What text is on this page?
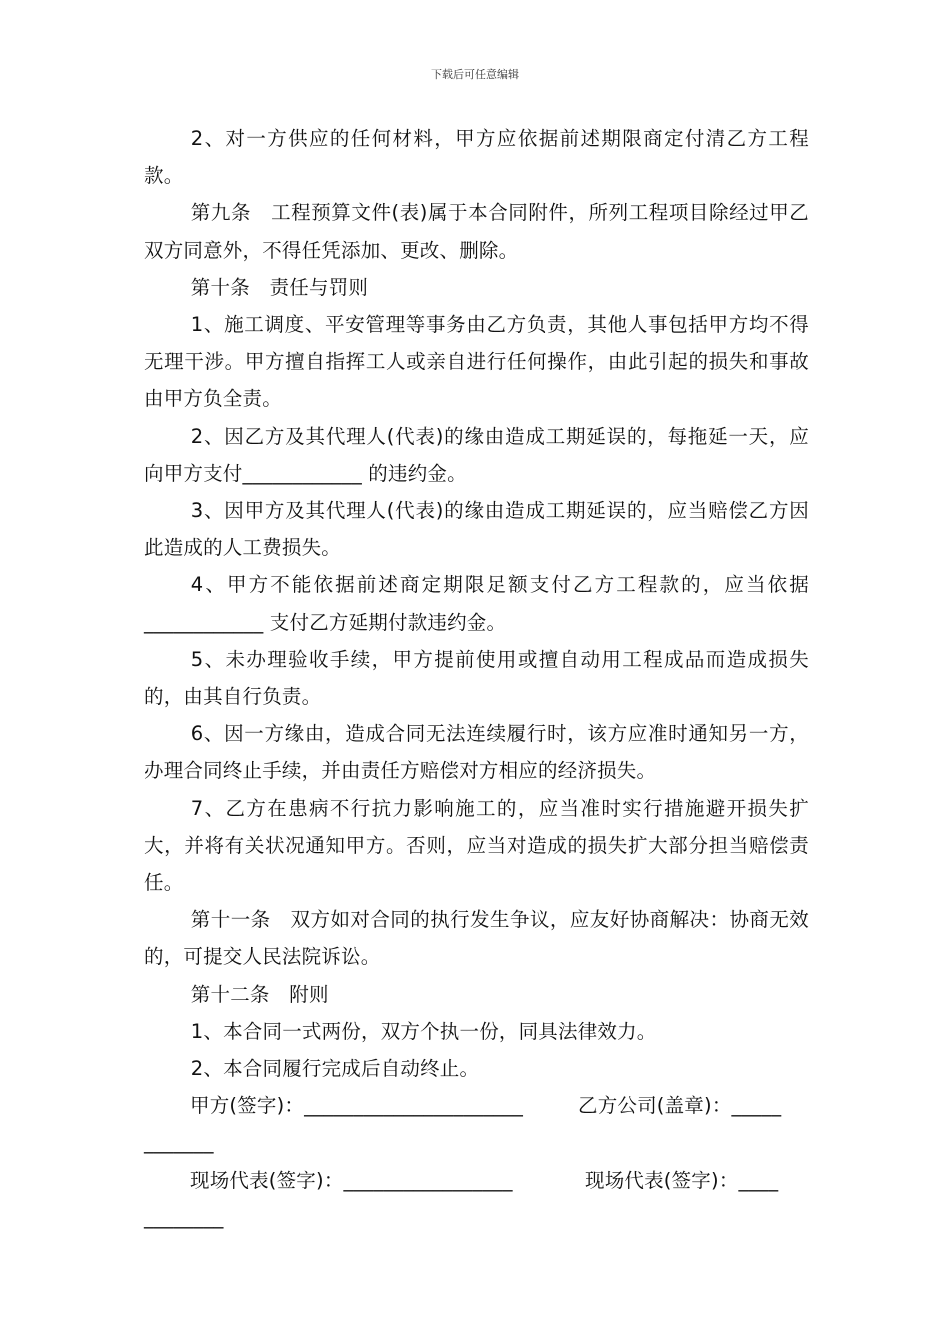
下载后可任意编辑

2、对一方供应的任何材料，甲方应依据前述期限商定付清乙方工程款。

第九条　工程预算文件(表)属于本合同附件，所列工程项目除经过甲乙双方同意外，不得任凭添加、更改、删除。

第十条　责任与罚则

1、施工调度、平安管理等事务由乙方负责，其他人事包括甲方均不得无理干涉。甲方擅自指挥工人或亲自进行任何操作，由此引起的损失和事故由甲方负全责。

2、因乙方及其代理人(代表)的缘由造成工期延误的，每拖延一天，应向甲方支付____________ 的违约金。

3、因甲方及其代理人(代表)的缘由造成工期延误的，应当赔偿乙方因此造成的人工费损失。

4、甲方不能依据前述商定期限足额支付乙方工程款的，应当依据____________ 支付乙方延期付款违约金。

5、未办理验收手续，甲方提前使用或擅自动用工程成品而造成损失的，由其自行负责。

6、因一方缘由，造成合同无法连续履行时，该方应准时通知另一方，办理合同终止手续，并由责任方赔偿对方相应的经济损失。

7、乙方在患病不行抗力影响施工的，应当准时实行措施避开损失扩大，并将有关状况通知甲方。否则，应当对造成的损失扩大部分担当赔偿责任。

第十一条　双方如对合同的执行发生争议，应友好协商解决：协商无效的，可提交人民法院诉讼。

第十二条　附则

1、本合同一式两份，双方个执一份，同具法律效力。

2、本合同履行完成后自动终止。

甲方(签字)：______________________	乙方公司(盖章)：_____
_______
现场代表(签字)：_________________	现场代表(签字)：____
________
